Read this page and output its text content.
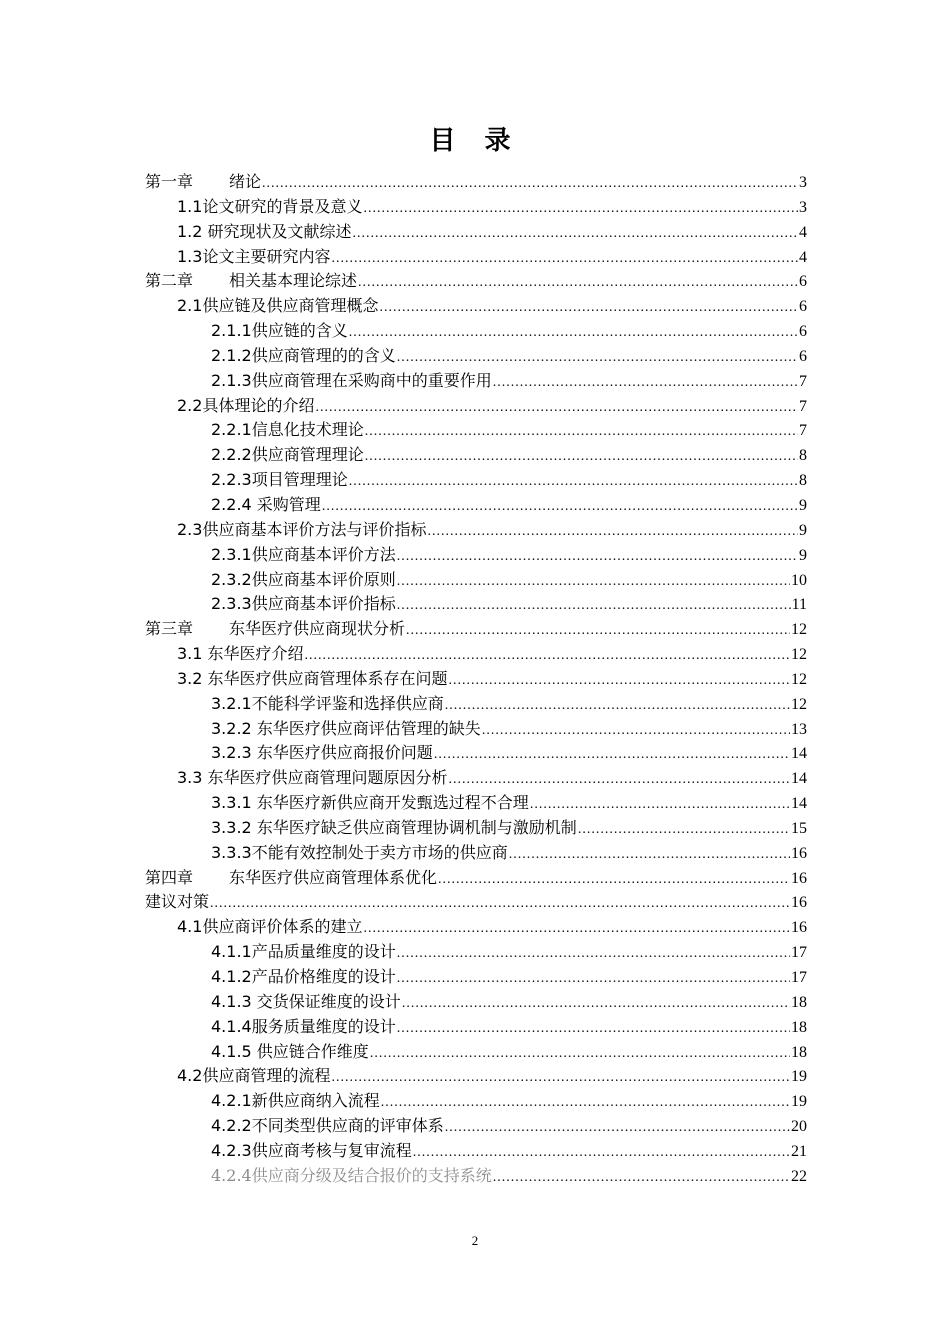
目 录
第一章 绪论 .....	3
1.1论文研究的背景及意义 .....	3
1.2 研究现状及文献综述 .....	4
1.3论文主要研究内容 .....	4
第二章 相关基本理论综述 .....	6
2.1供应链及供应商管理概念 .....	6
2.1.1供应链的含义 .....	6
2.1.2供应商管理的的含义 .....	6
2.1.3供应商管理在采购商中的重要作用 .....	7
2.2具体理论的介绍 .....	7
2.2.1信息化技术理论 .....	7
2.2.2供应商管理理论 .....	8
2.2.3项目管理理论 .....	8
2.2.4 采购管理 .....	9
2.3供应商基本评价方法与评价指标 .....	9
2.3.1供应商基本评价方法 .....	9
2.3.2供应商基本评价原则 .....	10
2.3.3供应商基本评价指标 .....	11
第三章 东华医疗供应商现状分析 .....	12
3.1 东华医疗介绍 .....	12
3.2 东华医疗供应商管理体系存在问题 .....	12
3.2.1不能科学评鉴和选择供应商 .....	12
3.2.2 东华医疗供应商评估管理的缺失 .....	13
3.2.3 东华医疗供应商报价问题 .....	14
3.3 东华医疗供应商管理问题原因分析 .....	14
3.3.1 东华医疗新供应商开发甄选过程不合理 .....	14
3.3.2 东华医疗缺乏供应商管理协调机制与激励机制 .....	15
3.3.3不能有效控制处于卖方市场的供应商 .....	16
第四章 东华医疗供应商管理体系优化 .....	16
建议对策 .....	16
4.1供应商评价体系的建立 .....	16
4.1.1产品质量维度的设计 .....	17
4.1.2产品价格维度的设计 .....	17
4.1.3 交货保证维度的设计 .....	18
4.1.4服务质量维度的设计 .....	18
4.1.5 供应链合作维度 .....	18
4.2供应商管理的流程 .....	19
4.2.1新供应商纳入流程 .....	19
4.2.2不同类型供应商的评审体系 .....	20
4.2.3供应商考核与复审流程 .....	21
4.2.4供应商分级及结合报价的支持系统 .....	22
2
